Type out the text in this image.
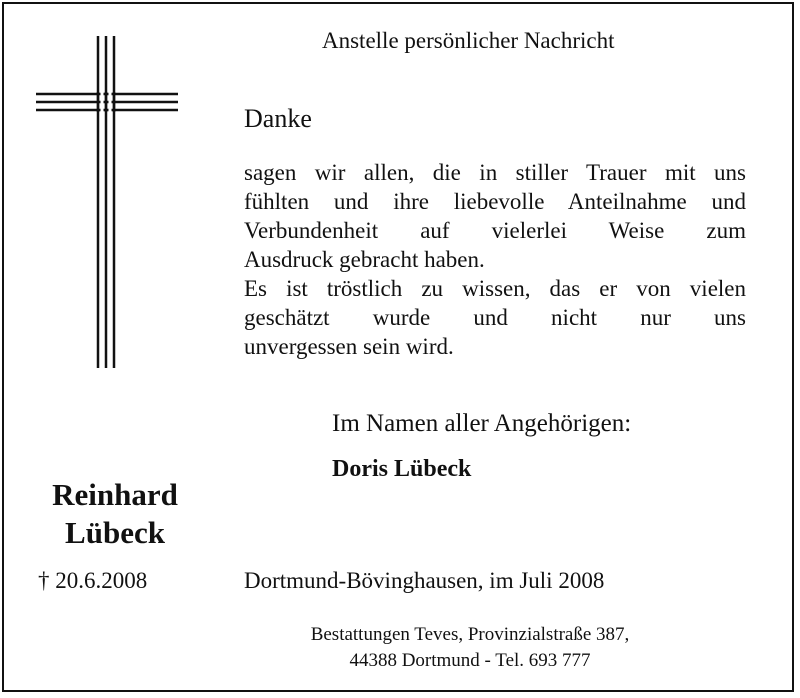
Anstelle persönlicher Nachricht
Danke
sagen wir allen, die in stiller Trauer mit uns
fühlten und ihre liebevolle Anteilnahme und
Verbundenheit auf vielerlei Weise zum
Ausdruck gebracht haben.
Es ist tröstlich zu wissen, das er von vielen
geschätzt wurde und nicht nur uns
unvergessen sein wird.
Im Namen aller Angehörigen:
Doris Lübeck
Reinhard
Lübeck
† 20.6.2008	Dortmund-Bövinghausen, im Juli 2008
Bestattungen Teves, Provinzialstraße 387,
44388 Dortmund - Tel. 693 777
